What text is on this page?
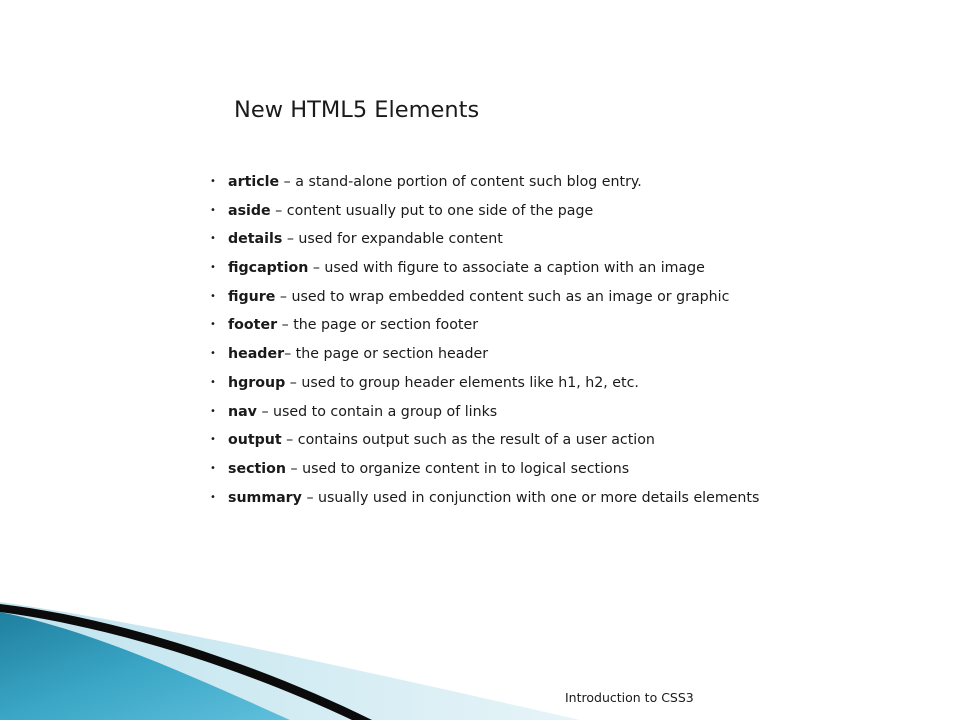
New HTML5 Elements
• article – a stand-alone portion of content such blog entry.
• aside – content usually put to one side of the page
• details – used for expandable content
• figcaption – used with figure to associate a caption with an image
• figure – used to wrap embedded content such as an image or graphic
• footer – the page or section footer
• header– the page or section header
• hgroup – used to group header elements like h1, h2, etc.
• nav – used to contain a group of links
• output – contains output such as the result of a user action
• section – used to organize content in to logical sections
• summary – usually used in conjunction with one or more details elements
Introduction to CSS3
